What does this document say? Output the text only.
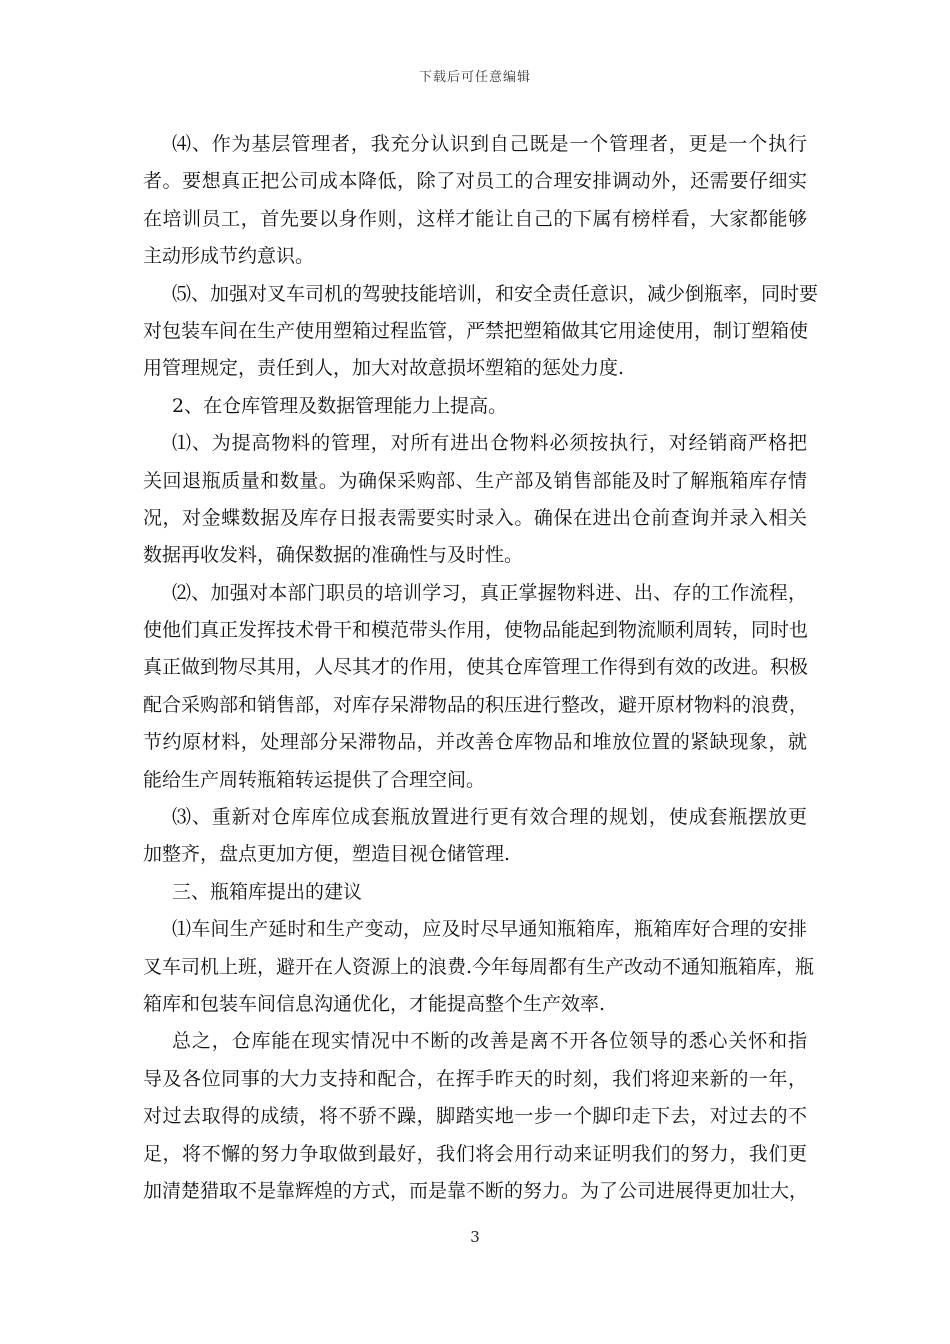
下载后可任意编辑
⑷、作为基层管理者，我充分认识到自己既是一个管理者，更是一个执行
者。要想真正把公司成本降低，除了对员工的合理安排调动外，还需要仔细实
在培训员工，首先要以身作则，这样才能让自己的下属有榜样看，大家都能够
主动形成节约意识。
⑸、加强对叉车司机的驾驶技能培训，和安全责任意识，减少倒瓶率，同时要
对包装车间在生产使用塑箱过程监管，严禁把塑箱做其它用途使用，制订塑箱使
用管理规定，责任到人，加大对故意损坏塑箱的惩处力度.
2、在仓库管理及数据管理能力上提高。
⑴、为提高物料的管理，对所有进出仓物料必须按执行，对经销商严格把
关回退瓶质量和数量。为确保采购部、生产部及销售部能及时了解瓶箱库存情
况，对金蝶数据及库存日报表需要实时录入。确保在进出仓前查询并录入相关
数据再收发料，确保数据的准确性与及时性。
⑵、加强对本部门职员的培训学习，真正掌握物料进、出、存的工作流程，
使他们真正发挥技术骨干和模范带头作用，使物品能起到物流顺利周转，同时也
真正做到物尽其用，人尽其才的作用，使其仓库管理工作得到有效的改进。积极
配合采购部和销售部，对库存呆滞物品的积压进行整改，避开原材物料的浪费，
节约原材料，处理部分呆滞物品，并改善仓库物品和堆放位置的紧缺现象，就
能给生产周转瓶箱转运提供了合理空间。
⑶、重新对仓库库位成套瓶放置进行更有效合理的规划，使成套瓶摆放更
加整齐，盘点更加方便，塑造目视仓储管理.
三、瓶箱库提出的建议
⑴车间生产延时和生产变动，应及时尽早通知瓶箱库，瓶箱库好合理的安排
叉车司机上班，避开在人资源上的浪费.今年每周都有生产改动不通知瓶箱库，瓶
箱库和包装车间信息沟通优化，才能提高整个生产效率.
总之，仓库能在现实情况中不断的改善是离不开各位领导的悉心关怀和指
导及各位同事的大力支持和配合，在挥手昨天的时刻，我们将迎来新的一年，
对过去取得的成绩，将不骄不躁，脚踏实地一步一个脚印走下去，对过去的不
足，将不懈的努力争取做到最好，我们将会用行动来证明我们的努力，我们更
加清楚猎取不是靠辉煌的方式，而是靠不断的努力。为了公司进展得更加壮大，
3
